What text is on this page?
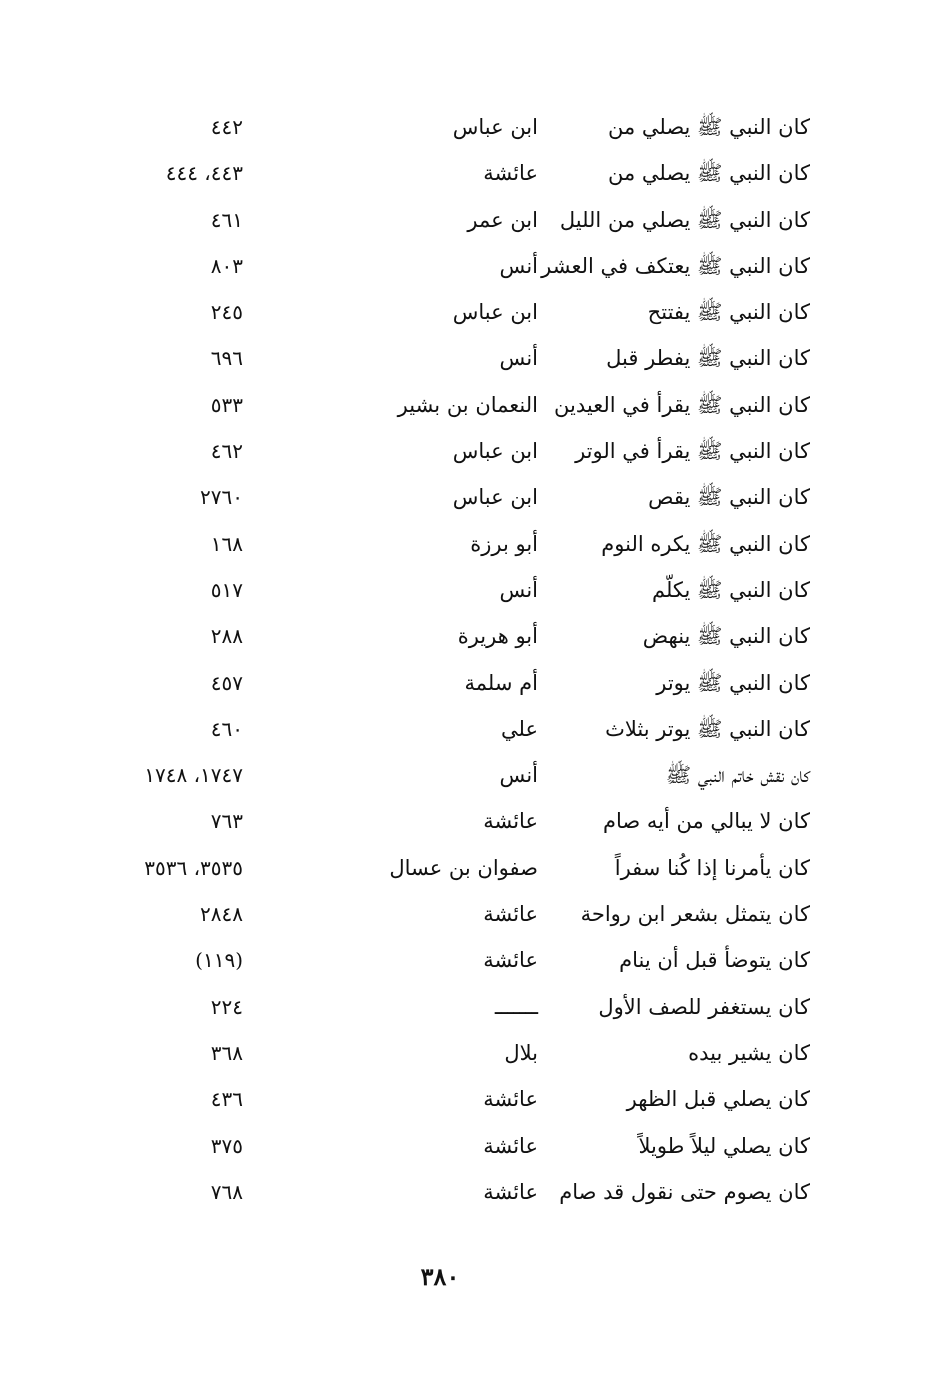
كان النبي ﷺ يصلي من
ابن عباس
٤٤٢
كان النبي ﷺ يصلي من
عائشة
٤٤٣، ٤٤٤
كان النبي ﷺ يصلي من الليل
ابن عمر
٤٦١
كان النبي ﷺ يعتكف في العشر
أنس
٨٠٣
كان النبي ﷺ يفتتح
ابن عباس
٢٤٥
كان النبي ﷺ يفطر قبل
أنس
٦٩٦
كان النبي ﷺ يقرأ في العيدين
النعمان بن بشير
٥٣٣
كان النبي ﷺ يقرأ في الوتر
ابن عباس
٤٦٢
كان النبي ﷺ يقص
ابن عباس
٢٧٦٠
كان النبي ﷺ يكره النوم
أبو برزة
١٦٨
كان النبي ﷺ يكلّم
أنس
٥١٧
كان النبي ﷺ ينهض
أبو هريرة
٢٨٨
كان النبي ﷺ يوتر
أم سلمة
٤٥٧
كان النبي ﷺ يوتر بثلاث
علي
٤٦٠
كان نقش خاتم النبي ﷺ
أنس
١٧٤٧، ١٧٤٨
كان لا يبالي من أيه صام
عائشة
٧٦٣
كان يأمرنا إذا كُنا سفراً
صفوان بن عسال
٣٥٣٥، ٣٥٣٦
كان يتمثل بشعر ابن رواحة
عائشة
٢٨٤٨
كان يتوضأ قبل أن ينام
عائشة
(١١٩)
كان يستغفر للصف الأول
ـــــــ
٢٢٤
كان يشير بيده
بلال
٣٦٨
كان يصلي قبل الظهر
عائشة
٤٣٦
كان يصلي ليلاً طويلاً
عائشة
٣٧٥
كان يصوم حتى نقول قد صام
عائشة
٧٦٨
٣٨٠
